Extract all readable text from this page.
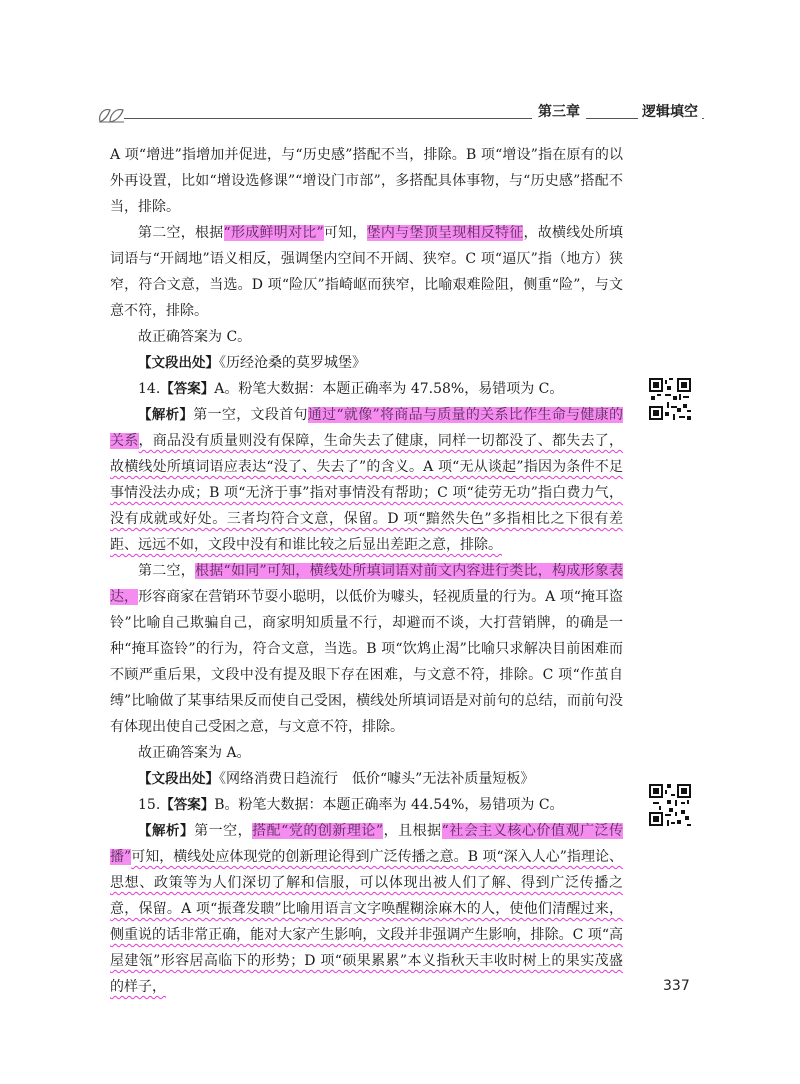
第三章	逻辑填空

A 项“增进”指增加并促进，与“历史感”搭配不当，排除。B 项“增设”指在原有的以外再设置，比如“增设选修课”“增设门市部”，多搭配具体事物，与“历史感”搭配不当，排除。

第二空，根据“形成鲜明对比”可知，堡内与堡顶呈现相反特征，故横线处所填词语与“开阔地”语义相反，强调堡内空间不开阔、狭窄。C 项“逼仄”指（地方）狭窄，符合文意，当选。D 项“险仄”指崎岖而狭窄，比喻艰难险阻，侧重“险”，与文意不符，排除。

故正确答案为 C。

【文段出处】《历经沧桑的莫罗城堡》

14.【答案】A。粉笔大数据：本题正确率为 47.58%，易错项为 C。

【解析】第一空，文段首句通过“就像”将商品与质量的关系比作生命与健康的关系，商品没有质量则没有保障，生命失去了健康，同样一切都没了、都失去了，故横线处所填词语应表达“没了、失去了”的含义。A 项“无从谈起”指因为条件不足事情没法办成；B 项“无济于事”指对事情没有帮助；C 项“徒劳无功”指白费力气，没有成就或好处。三者均符合文意，保留。D 项“黯然失色”多指相比之下很有差距、远远不如，文段中没有和谁比较之后显出差距之意，排除。

第二空，根据“如同”可知，横线处所填词语对前文内容进行类比，构成形象表达，形容商家在营销环节耍小聪明，以低价为噱头，轻视质量的行为。A 项“掩耳盗铃”比喻自己欺骗自己，商家明知质量不行，却避而不谈，大打营销牌，的确是一种“掩耳盗铃”的行为，符合文意，当选。B 项“饮鸩止渴”比喻只求解决目前困难而不顾严重后果，文段中没有提及眼下存在困难，与文意不符，排除。C 项“作茧自缚”比喻做了某事结果反而使自己受困，横线处所填词语是对前句的总结，而前句没有体现出使自己受困之意，与文意不符，排除。

故正确答案为 A。

【文段出处】《网络消费日趋流行　低价“噱头”无法补质量短板》

15.【答案】B。粉笔大数据：本题正确率为 44.54%，易错项为 C。

【解析】第一空，搭配“党的创新理论”，且根据“社会主义核心价值观广泛传播”可知，横线处应体现党的创新理论得到广泛传播之意。B 项“深入人心”指理论、思想、政策等为人们深切了解和信服，可以体现出被人们了解、得到广泛传播之意，保留。A 项“振聋发聩”比喻用语言文字唤醒糊涂麻木的人，使他们清醒过来，侧重说的话非常正确，能对大家产生影响，文段并非强调产生影响，排除。C 项“高屋建瓴”形容居高临下的形势；D 项“硕果累累”本义指秋天丰收时树上的果实茂盛的样子，	337
